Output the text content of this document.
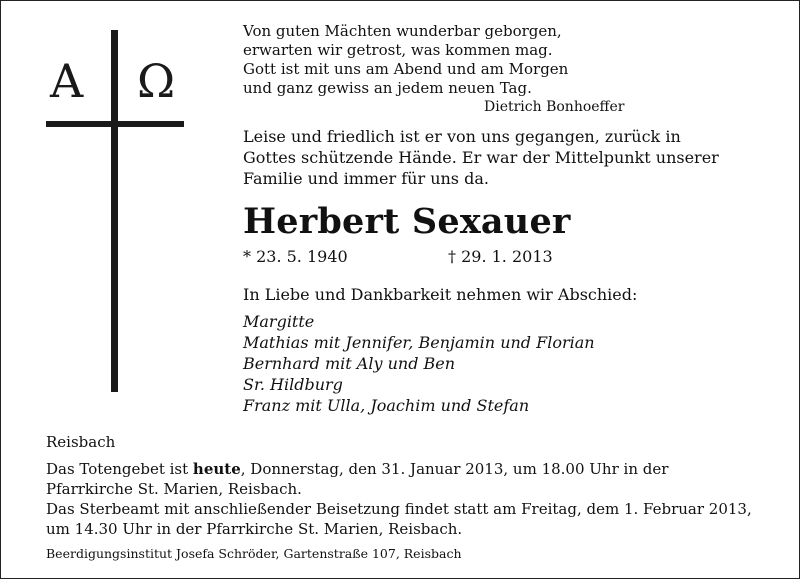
A Ω
Von guten Mächten wunderbar geborgen,
erwarten wir getrost, was kommen mag.
Gott ist mit uns am Abend und am Morgen
und ganz gewiss an jedem neuen Tag.
Dietrich Bonhoeffer
Leise und friedlich ist er von uns gegangen, zurück in
Gottes schützende Hände. Er war der Mittelpunkt unserer
Familie und immer für uns da.
Herbert Sexauer
* 23. 5. 1940	† 29. 1. 2013
In Liebe und Dankbarkeit nehmen wir Abschied:
Margitte
Mathias mit Jennifer, Benjamin und Florian
Bernhard mit Aly und Ben
Sr. Hildburg
Franz mit Ulla, Joachim und Stefan
Reisbach
Das Totengebet ist heute, Donnerstag, den 31. Januar 2013, um 18.00 Uhr in der
Pfarrkirche St. Marien, Reisbach.
Das Sterbeamt mit anschließender Beisetzung findet statt am Freitag, dem 1. Februar 2013,
um 14.30 Uhr in der Pfarrkirche St. Marien, Reisbach.
Beerdigungsinstitut Josefa Schröder, Gartenstraße 107, Reisbach
